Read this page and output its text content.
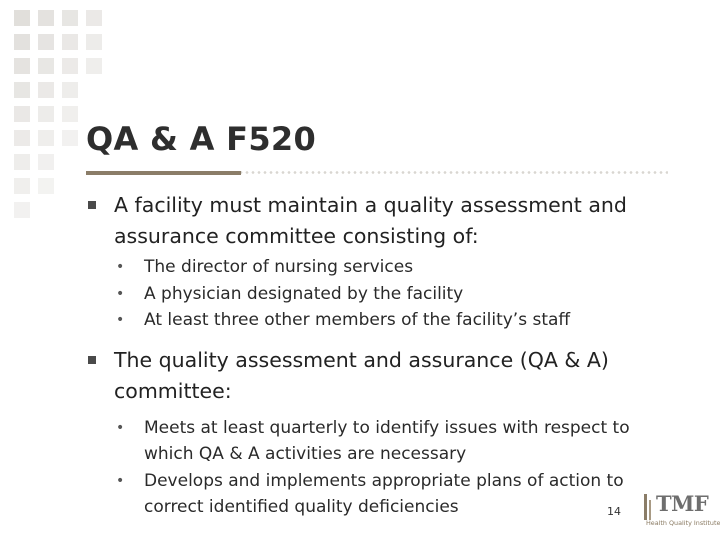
QA & A F520
A facility must maintain a quality assessment and assurance committee consisting of:
• The director of nursing services
• A physician designated by the facility
• At least three other members of the facility’s staff
The quality assessment and assurance (QA & A) committee:
• Meets at least quarterly to identify issues with respect to which QA & A activities are necessary
• Develops and implements appropriate plans of action to correct identified quality deficiencies	14 TMF
Health Quality Institute
